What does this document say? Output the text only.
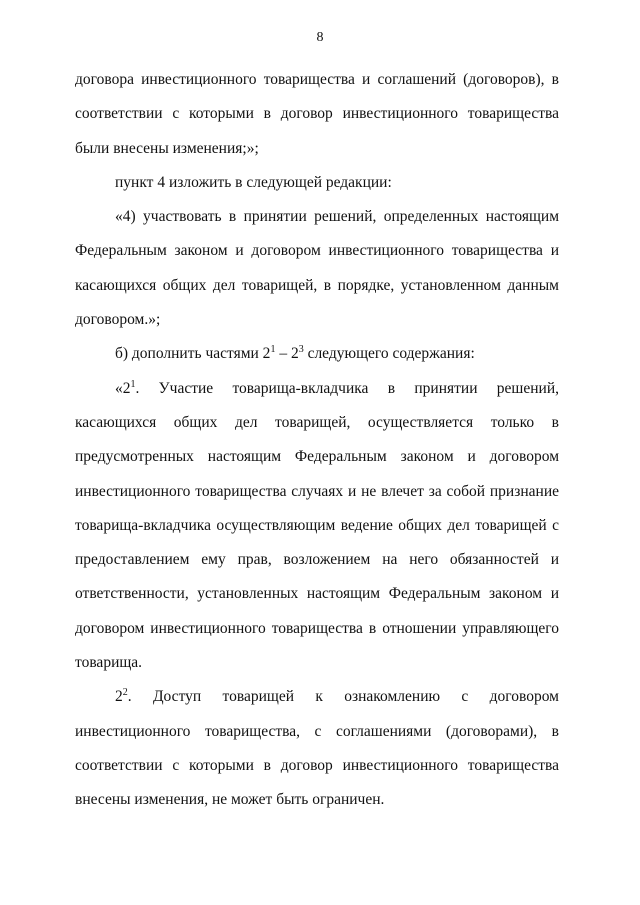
8

договора инвестиционного товарищества и соглашений (договоров), в соответствии с которыми в договор инвестиционного товарищества были внесены изменения;»;

пункт 4 изложить в следующей редакции:

«4) участвовать в принятии решений, определенных настоящим Федеральным законом и договором инвестиционного товарищества и касающихся общих дел товарищей, в порядке, установленном данным договором.»;

б) дополнить частями $2^1 - 2^3$ следующего содержания:

«$2^1$. Участие товарища-вкладчика в принятии решений, касающихся общих дел товарищей, осуществляется только в предусмотренных настоящим Федеральным законом и договором инвестиционного товарищества случаях и не влечет за собой признание товарища-вкладчика осуществляющим ведение общих дел товарищей с предоставлением ему прав, возложением на него обязанностей и ответственности, установленных настоящим Федеральным законом и договором инвестиционного товарищества в отношении управляющего товарища.

$2^2$. Доступ товарищей к ознакомлению с договором инвестиционного товарищества, с соглашениями (договорами), в соответствии с которыми в договор инвестиционного товарищества внесены изменения, не может быть ограничен.
